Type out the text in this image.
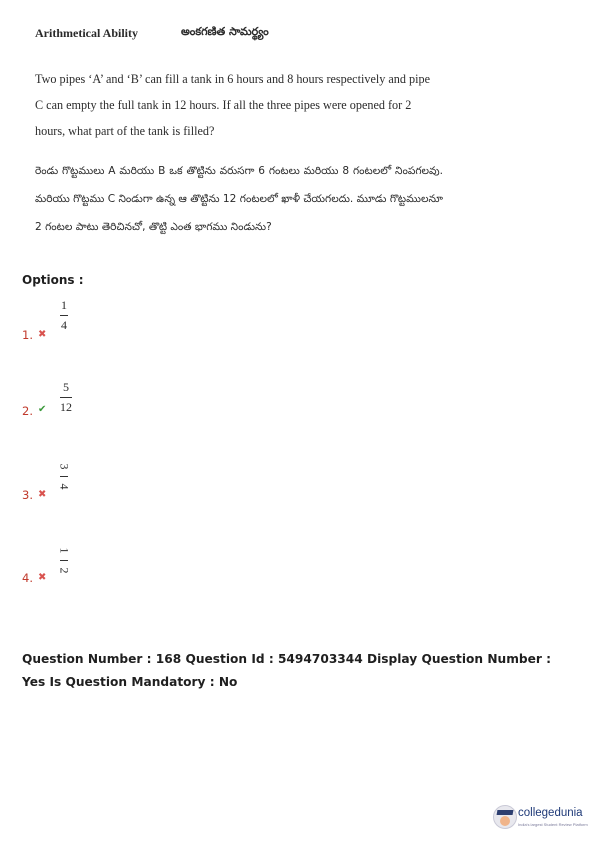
Arithmetical Ability	అంకగణిత సామర్థ్యం

Two pipes ‘A’ and ‘B’ can fill a tank in 6 hours and 8 hours respectively and pipe C can empty the full tank in 12 hours. If all the three pipes were opened for 2 hours, what part of the tank is filled?

రెండు గొట్టములు A మరియు B ఒక తొట్టిను వరుసగా 6 గంటలు మరియు 8 గంటలలో నింపగలవు. మరియు గొట్టము C నిండుగా ఉన్న ఆ తొట్టిను 12 గంటలలో ఖాళీ చేయగలదు. మూడు గొట్టములనూ 2 గంటల పాటు తెరిచినచో, తొట్టి ఎంత భాగము నిండును?

Options :
1. ✖
1
4
2. ✔
5
12
3. ✖
3
4
4. ✖
1
2

Question Number : 168 Question Id : 5494703344 Display Question Number : Yes Is Question Mandatory : No

collegedunia
India's largest Student Review Platform
